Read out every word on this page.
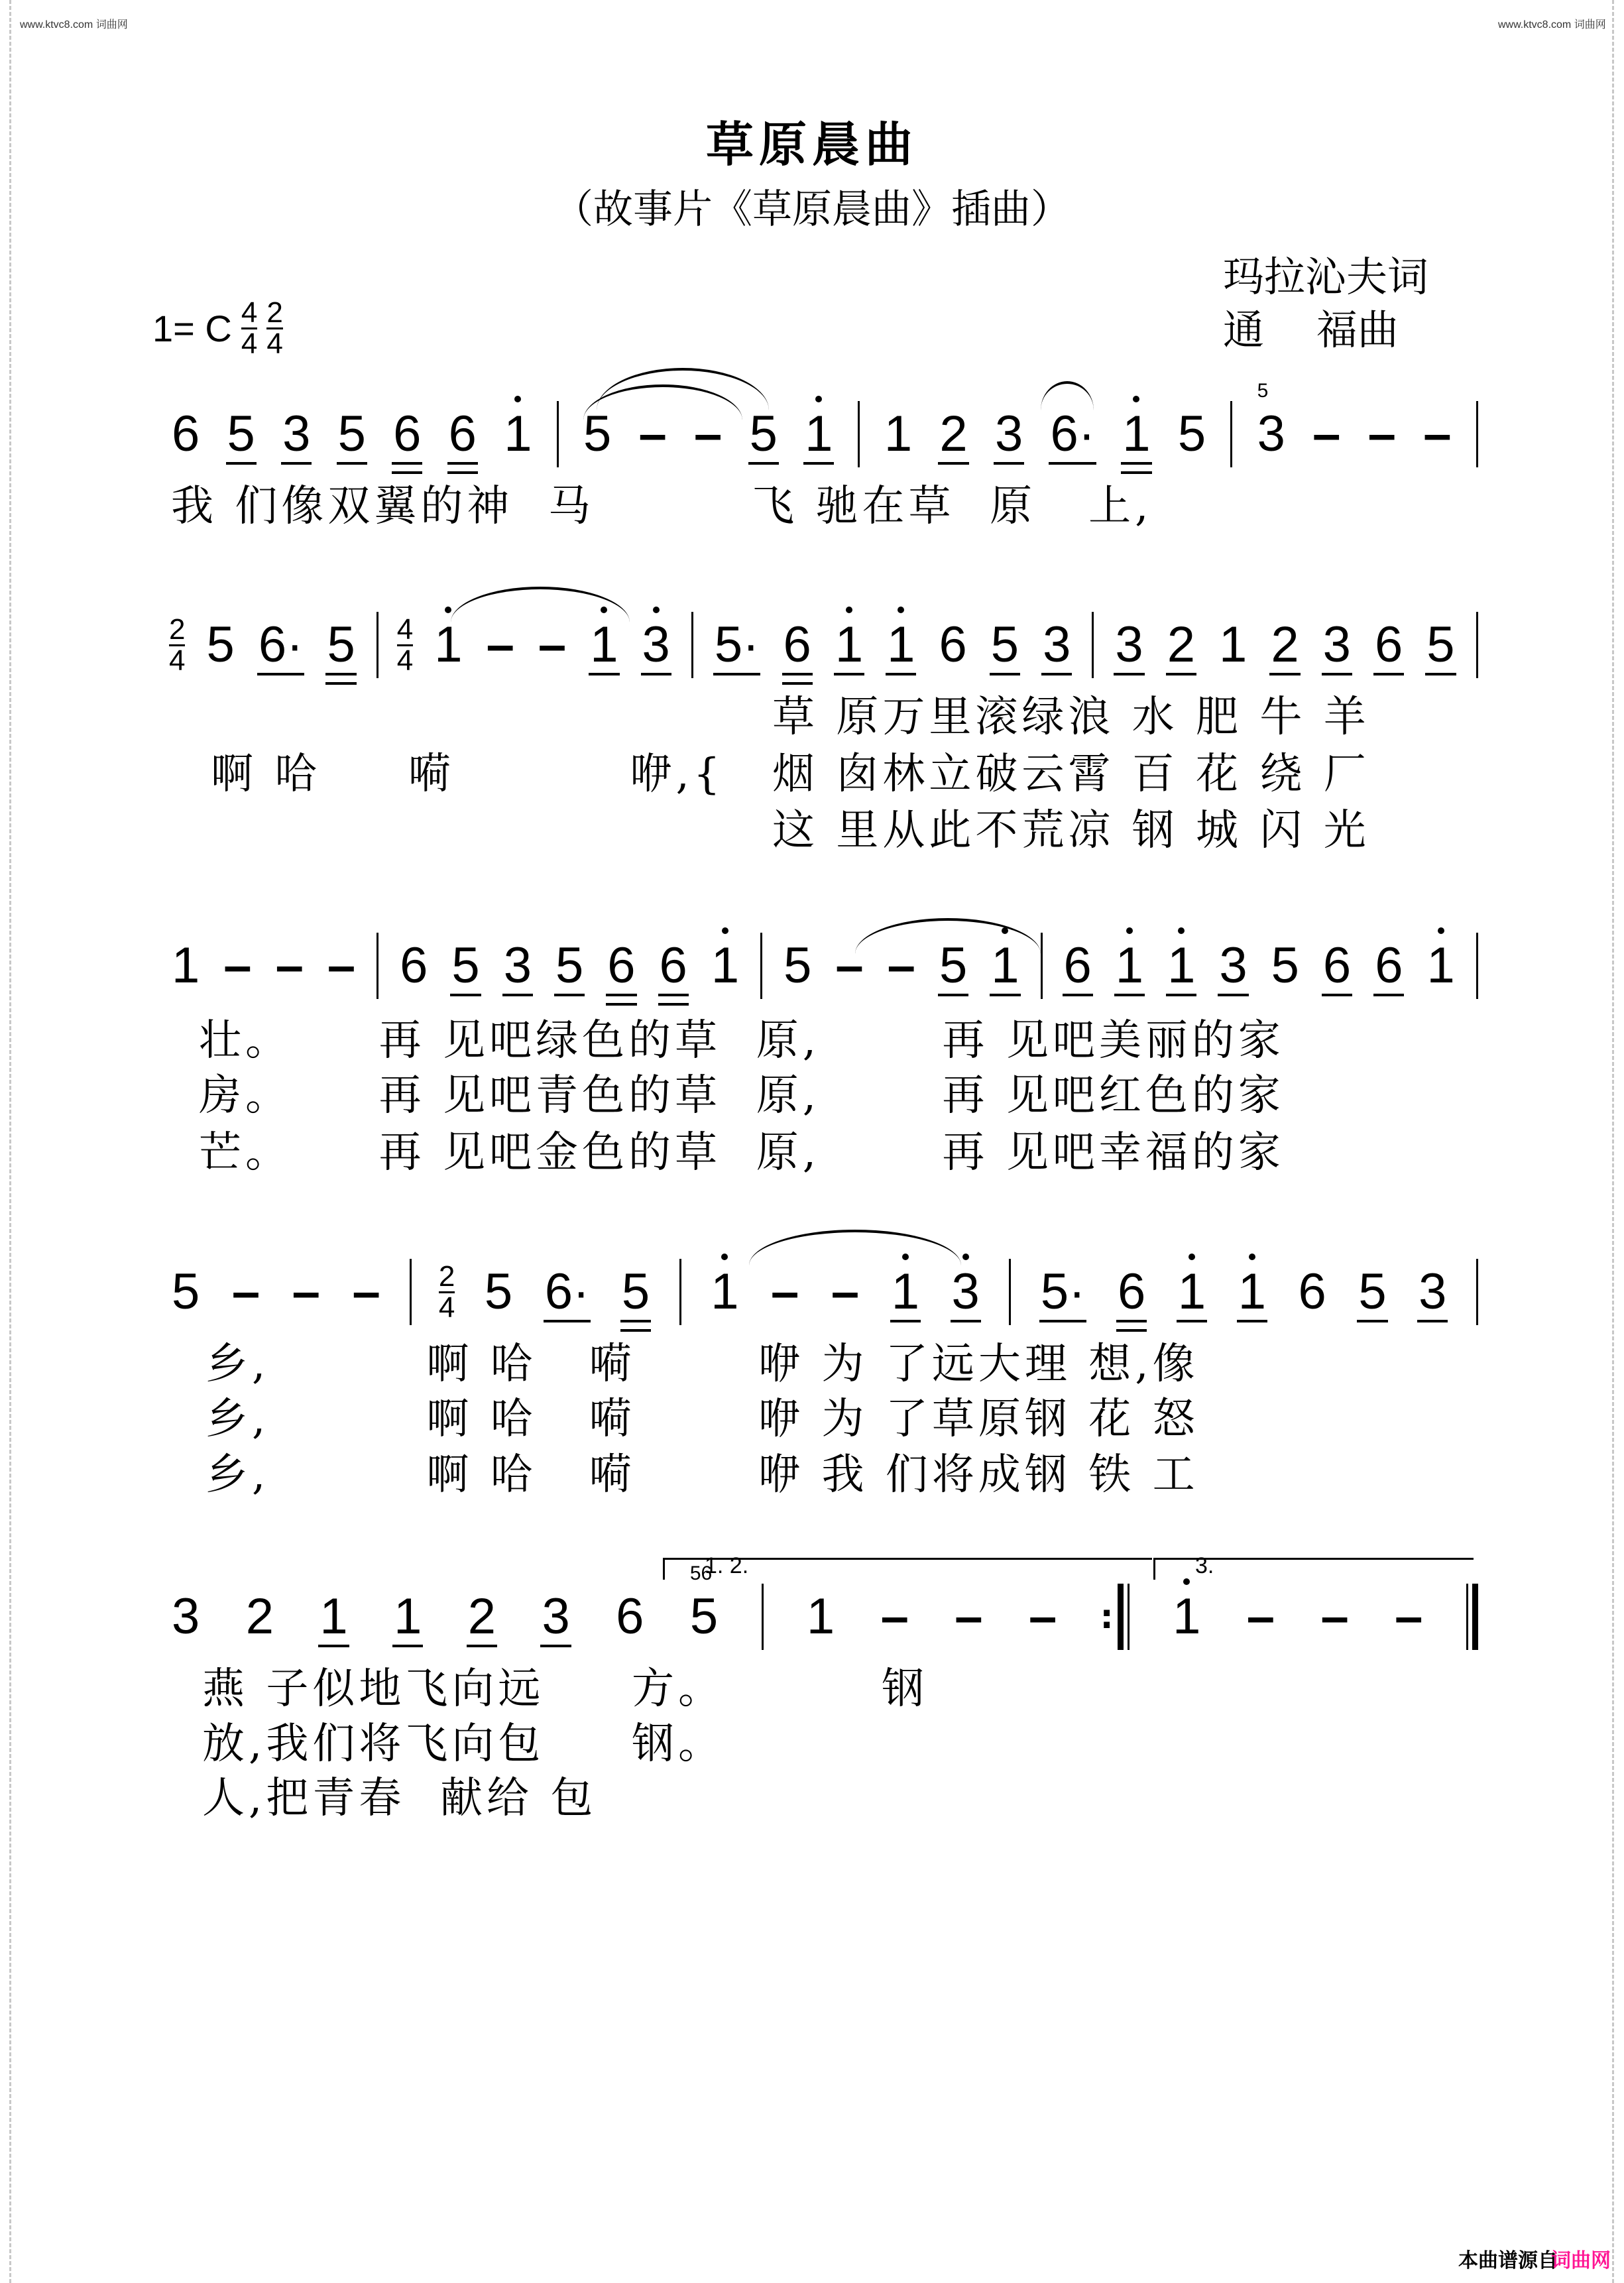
www.ktvc8.com 词曲网	www.ktvc8.com 词曲网
草原晨曲
（故事片《草原晨曲》插曲）
玛拉沁夫词
通    福曲
1= C $\frac{4}{4} \frac{2}{4}$
6 5 3 5 6 6 1 5 – – 5 1 1 2 3 6· 1 5 3
5
– – –
我 们像双翼的神  马         飞 驰在草  原   上,
2
4 5 6· 5 4
4 1 – – 1 3 5· 6 1 1 6 5 3 3 2 1 2 3 6 5
啊 哈     嗬          咿,{
草 原万里滚绿浪 水 肥 牛 羊
烟 囱林立破云霄 百 花 绕 厂
这 里从此不荒凉 钢 城 闪 光
1 – – – 6 5 3 5 6 6 1 5 – – 5 1 6 1 1 3 5 6 6 1
壮。     再 见吧绿色的草  原,       再 见吧美丽的家
房。     再 见吧青色的草  原,       再 见吧红色的家
芒。     再 见吧金色的草  原,       再 见吧幸福的家
5 – – – 2
4 5 6· 5 1 – – 1 3 5· 6 1 1 6 5 3
乡,         啊 哈   嗬       咿 为 了远大理 想,像
乡,         啊 哈   嗬       咿 为 了草原钢 花 怒
乡,         啊 哈   嗬       咿 我 们将成钢 铁 工
1. 2.	3.
3 2 1 1 2 3 6 5
56
1 – – – : 1 – – –
燕 子似地飞向远     方。         钢
放,我们将飞向包     钢。
人,把青春  献给 包
本曲谱源自
词曲网
